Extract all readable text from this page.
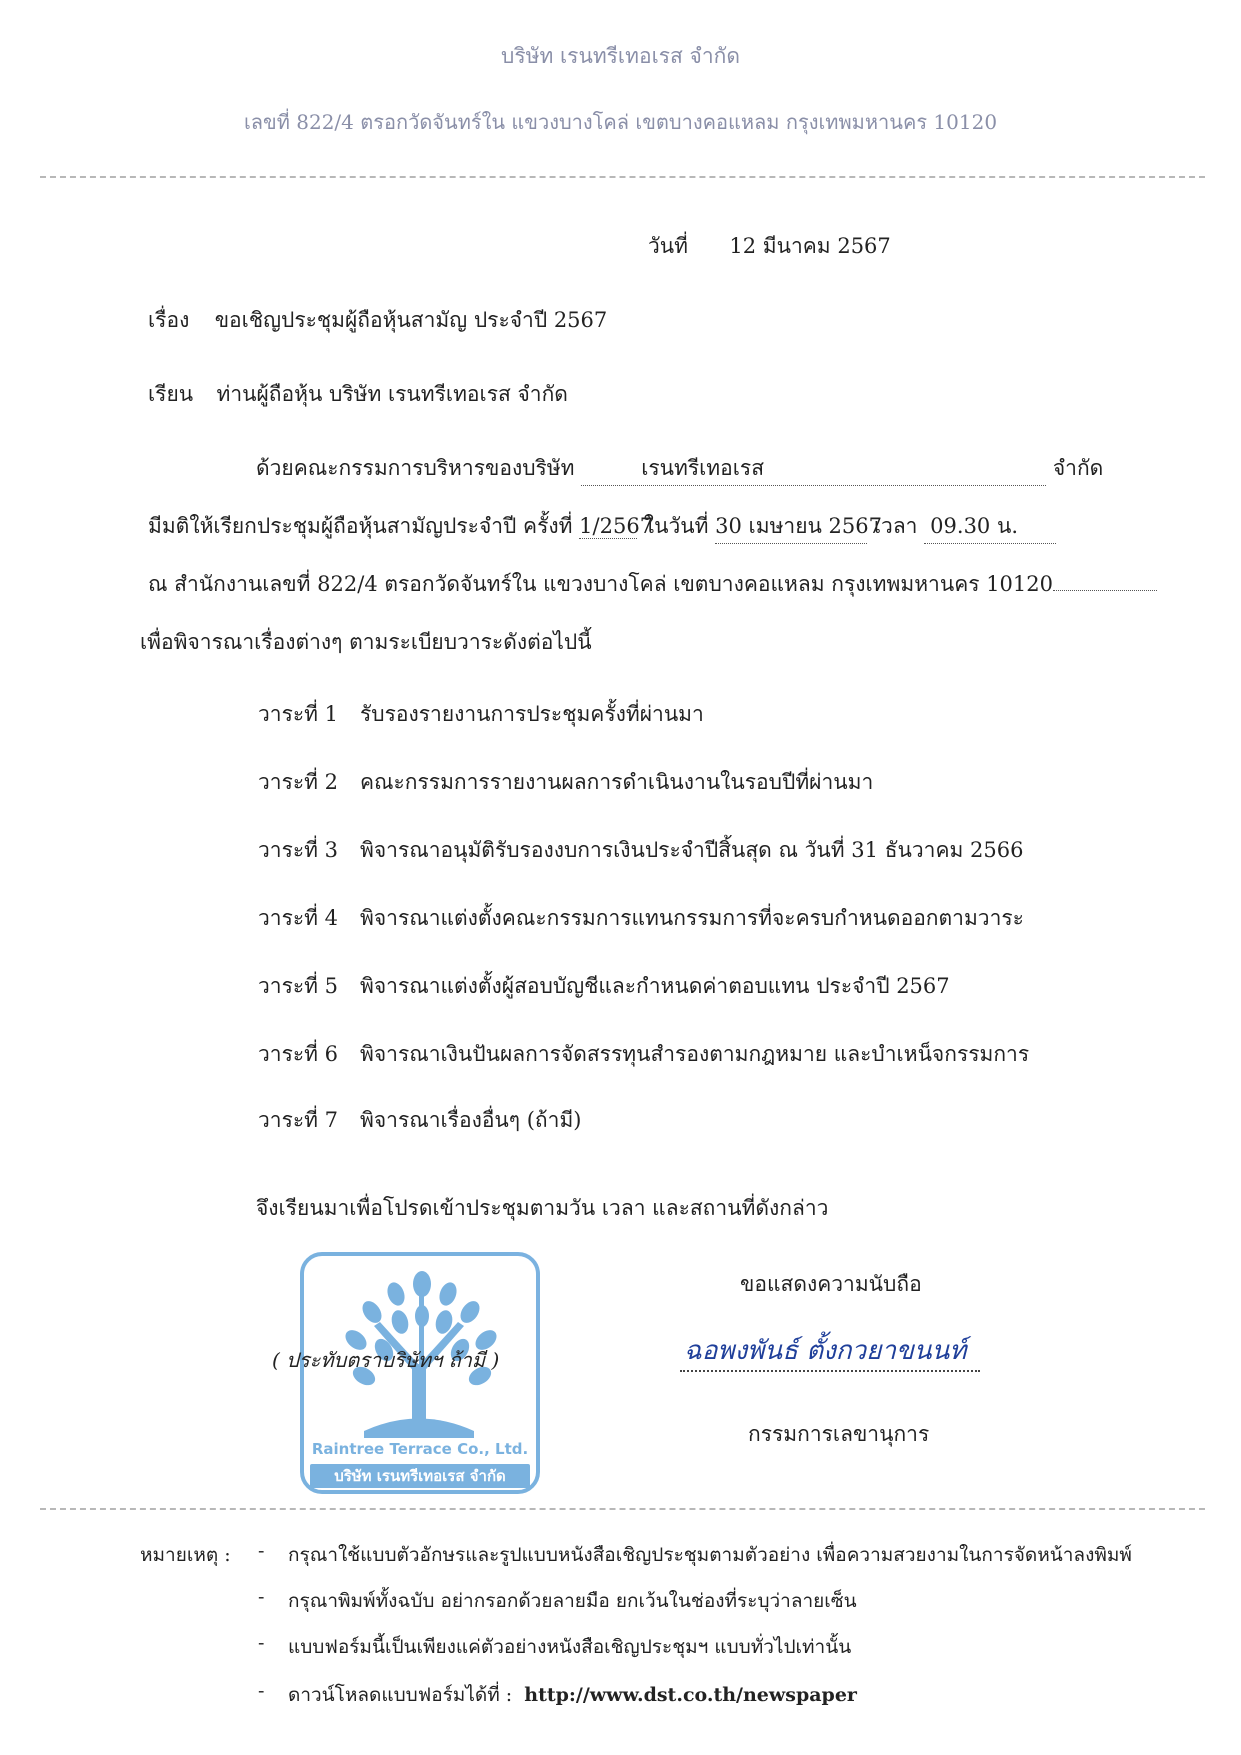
บริษัท เรนทรีเทอเรส จำกัด
เลขที่ 822/4 ตรอกวัดจันทร์ใน แขวงบางโคล่ เขตบางคอแหลม กรุงเทพมหานคร 10120
วันที่ 12 มีนาคม 2567
เรื่อง ขอเชิญประชุมผู้ถือหุ้นสามัญ ประจำปี 2567
เรียน ท่านผู้ถือหุ้น บริษัท เรนทรีเทอเรส จำกัด
ด้วยคณะกรรมการบริหารของบริษัท	เรนทรีเทอเรส	จำกัด
มีมติให้เรียกประชุมผู้ถือหุ้นสามัญประจำปี ครั้งที่ 1/2567 ในวันที่ 30 เมษายน 2567 เวลา 09.30 น.
ณ สำนักงานเลขที่ 822/4 ตรอกวัดจันทร์ใน แขวงบางโคล่ เขตบางคอแหลม กรุงเทพมหานคร 10120
เพื่อพิจารณาเรื่องต่างๆ ตามระเบียบวาระดังต่อไปนี้
วาระที่ 1 รับรองรายงานการประชุมครั้งที่ผ่านมา
วาระที่ 2 คณะกรรมการรายงานผลการดำเนินงานในรอบปีที่ผ่านมา
วาระที่ 3 พิจารณาอนุมัติรับรองงบการเงินประจำปีสิ้นสุด ณ วันที่ 31 ธันวาคม 2566
วาระที่ 4 พิจารณาแต่งตั้งคณะกรรมการแทนกรรมการที่จะครบกำหนดออกตามวาระ
วาระที่ 5 พิจารณาแต่งตั้งผู้สอบบัญชีและกำหนดค่าตอบแทน ประจำปี 2567
วาระที่ 6 พิจารณาเงินปันผลการจัดสรรทุนสำรองตามกฎหมาย และบำเหน็จกรรมการ
วาระที่ 7 พิจารณาเรื่องอื่นๆ (ถ้ามี)
จึงเรียนมาเพื่อโปรดเข้าประชุมตามวัน เวลา และสถานที่ดังกล่าว
Raintree Terrace Co., Ltd.
บริษัท เรนทรีเทอเรส จำกัด
( ประทับตราบริษัทฯ ถ้ามี )
ขอแสดงความนับถือ
ฉอพงพันธ์ ตั้งกวยาขนนท์
กรรมการเลขานุการ
หมายเหตุ : - กรุณาใช้แบบตัวอักษรและรูปแบบหนังสือเชิญประชุมตามตัวอย่าง เพื่อความสวยงามในการจัดหน้าลงพิมพ์
- กรุณาพิมพ์ทั้งฉบับ อย่ากรอกด้วยลายมือ ยกเว้นในช่องที่ระบุว่าลายเซ็น
- แบบฟอร์มนี้เป็นเพียงแค่ตัวอย่างหนังสือเชิญประชุมฯ แบบทั่วไปเท่านั้น
- ดาวน์โหลดแบบฟอร์มได้ที่ : http://www.dst.co.th/newspaper
